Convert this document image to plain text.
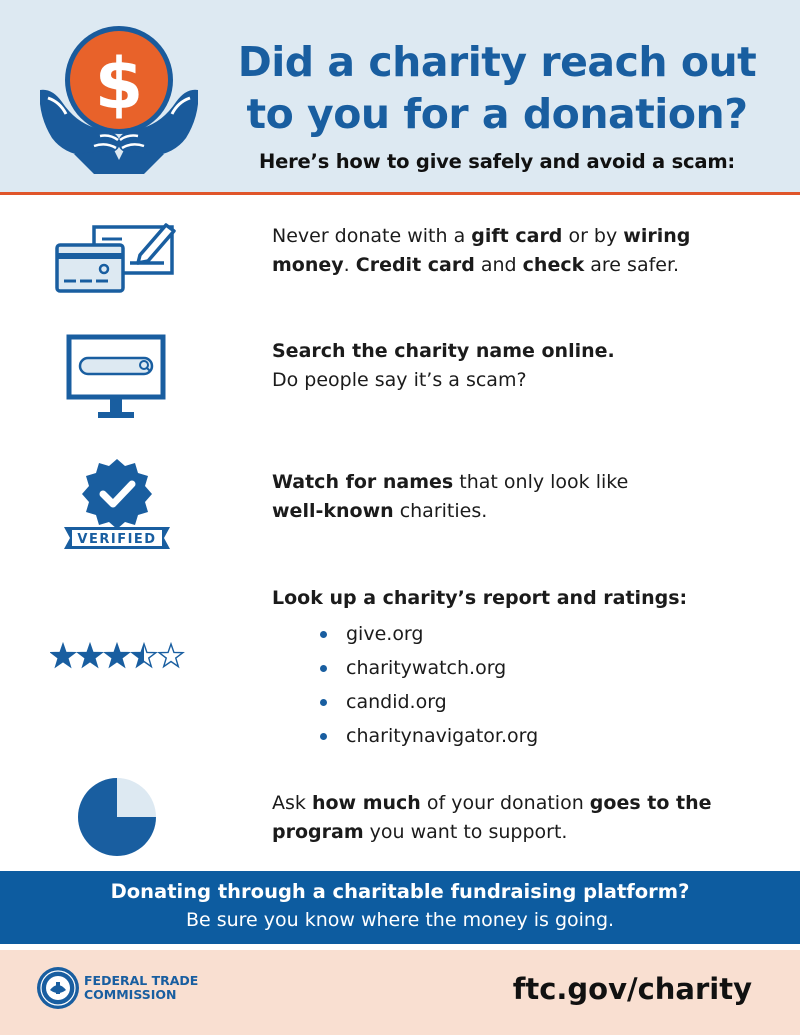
$	Did a charity reach out to you for a donation?
Here’s how to give safely and avoid a scam:
Never donate with a gift card or by wiring money. Credit card and check are safer.
Search the charity name online.
Do people say it’s a scam?
VERIFIED
Watch for names that only look like
well-known charities.
Look up a charity’s report and ratings:
give.org
charitywatch.org
candid.org
charitynavigator.org
Ask how much of your donation goes to the program you want to support.
Donating through a charitable fundraising platform?
Be sure you know where the money is going.
FEDERAL TRADE
COMMISSION	ftc.gov/charity
